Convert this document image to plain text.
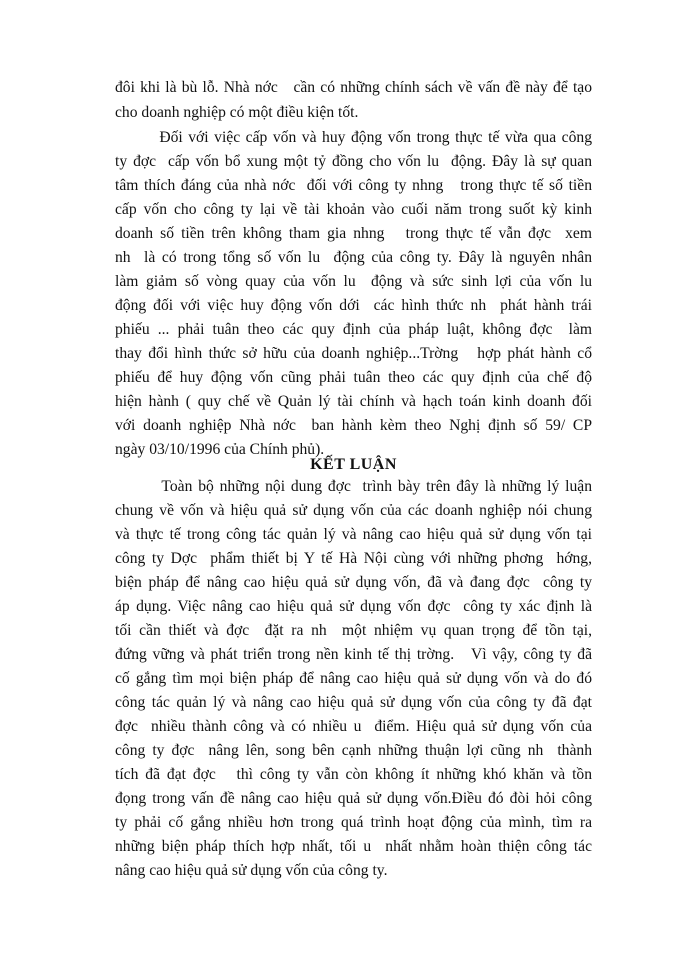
đôi khi là bù lỗ. Nhà nớc   cần có những chính sách về vấn đề này để tạo
cho doanh nghiệp có một điều kiện tốt.
Đối với việc cấp vốn và huy động vốn trong thực tế vừa qua công
ty đợc  cấp vốn bổ xung một tỷ đồng cho vốn lu  động. Đây là sự quan
tâm thích đáng của nhà nớc  đối với công ty nhng   trong thực tế số tiền
cấp vốn cho công ty lại về tài khoản vào cuối năm trong suốt kỳ kinh
doanh số tiền trên không tham gia nhng   trong thực tế vẫn đợc  xem
nh  là có trong tổng số vốn lu  động của công ty. Đây là nguyên nhân
làm giảm số vòng quay của vốn lu  động và sức sinh lợi của vốn lu
động đối với việc huy động vốn dới  các hình thức nh  phát hành trái
phiếu ... phải tuân theo các quy định của pháp luật, không đợc  làm
thay đổi hình thức sở hữu của doanh nghiệp...Trờng   hợp phát hành cổ
phiếu để huy động vốn cũng phải tuân theo các quy định của chế độ
hiện hành ( quy chế về Quản lý tài chính và hạch toán kinh doanh đối
với doanh nghiệp Nhà nớc  ban hành kèm theo Nghị định số 59/ CP
ngày 03/10/1996 của Chính phủ).
KẾT LUẬN
Toàn bộ những nội dung đợc  trình bày trên đây là những lý luận
chung về vốn và hiệu quả sử dụng vốn của các doanh nghiệp nói chung
và thực tế trong công tác quản lý và nâng cao hiệu quả sử dụng vốn tại
công ty Dợc  phẩm thiết bị Y tế Hà Nội cùng với những phơng  hớng,
biện pháp để nâng cao hiệu quả sử dụng vốn, đã và đang đợc  công ty
áp dụng. Việc nâng cao hiệu quả sử dụng vốn đợc  công ty xác định là
tối cần thiết và đợc  đặt ra nh  một nhiệm vụ quan trọng để tồn tại,
đứng vững và phát triển trong nền kinh tế thị trờng.   Vì vậy, công ty đã
cố gắng tìm mọi biện pháp để nâng cao hiệu quả sử dụng vốn và do đó
công tác quản lý và nâng cao hiệu quả sử dụng vốn của công ty đã đạt
đợc  nhiều thành công và có nhiều u  điểm. Hiệu quả sử dụng vốn của
công ty đợc  nâng lên, song bên cạnh những thuận lợi cũng nh  thành
tích đã đạt đợc   thì công ty vẫn còn không ít những khó khăn và tồn
đọng trong vấn đề nâng cao hiệu quả sử dụng vốn.Điều đó đòi hỏi công
ty phải cố gắng nhiều hơn trong quá trình hoạt động của mình, tìm ra
những biện pháp thích hợp nhất, tối u  nhất nhằm hoàn thiện công tác
nâng cao hiệu quả sử dụng vốn của công ty.
